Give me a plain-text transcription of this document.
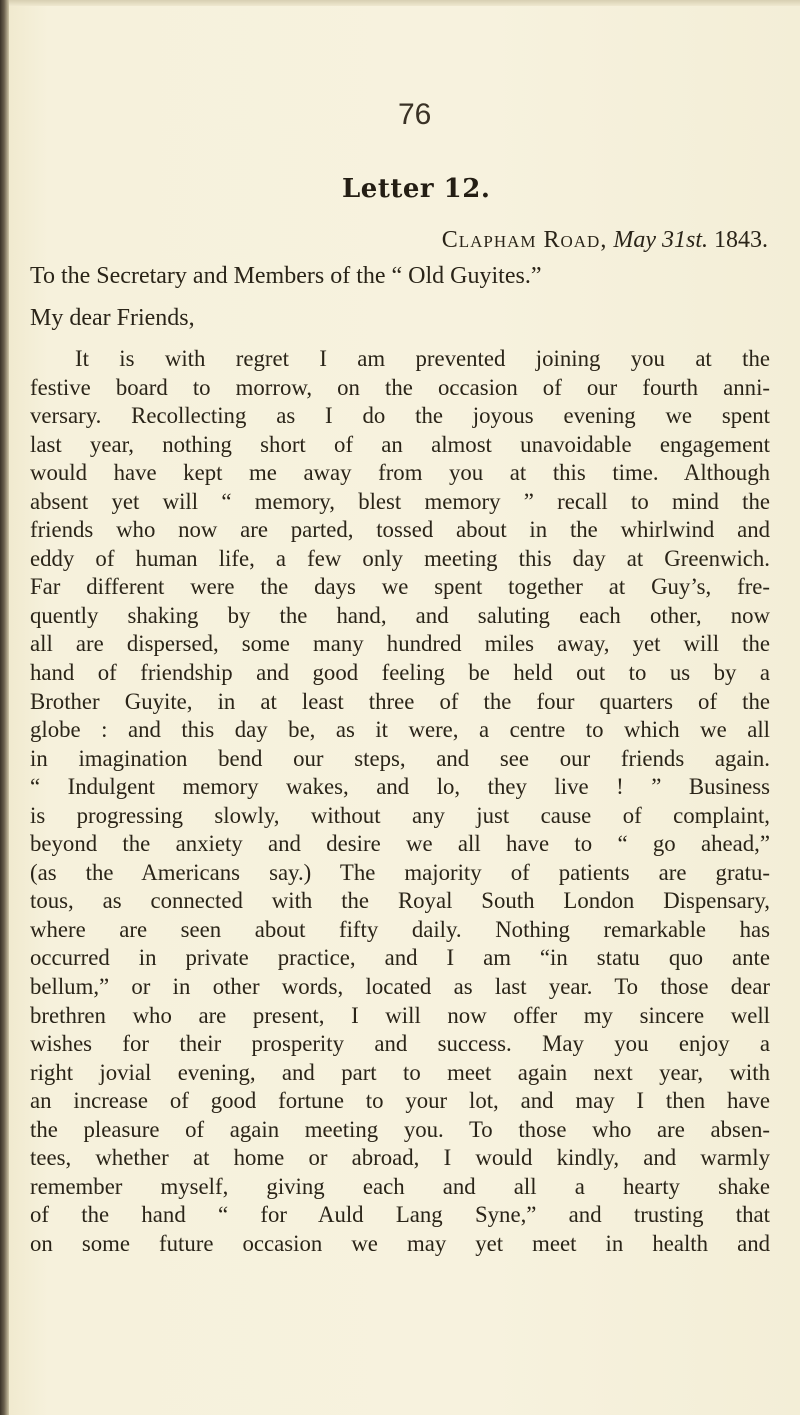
76
Letter 12.
Clapham Road, May 31st. 1843.
To the Secretary and Members of the “ Old Guyites.”
My dear Friends,
It is with regret I am prevented joining you at the
festive board to morrow, on the occasion of our fourth anni-
versary. Recollecting as I do the joyous evening we spent
last year, nothing short of an almost unavoidable engagement
would have kept me away from you at this time. Although
absent yet will “ memory, blest memory ” recall to mind the
friends who now are parted, tossed about in the whirlwind and
eddy of human life, a few only meeting this day at Greenwich.
Far different were the days we spent together at Guy’s, fre-
quently shaking by the hand, and saluting each other, now
all are dispersed, some many hundred miles away, yet will the
hand of friendship and good feeling be held out to us by a
Brother Guyite, in at least three of the four quarters of the
globe : and this day be, as it were, a centre to which we all
in imagination bend our steps, and see our friends again.
“ Indulgent memory wakes, and lo, they live ! ” Business
is progressing slowly, without any just cause of complaint,
beyond the anxiety and desire we all have to “ go ahead,”
(as the Americans say.) The majority of patients are gratu-
tous, as connected with the Royal South London Dispensary,
where are seen about fifty daily. Nothing remarkable has
occurred in private practice, and I am “in statu quo ante
bellum,” or in other words, located as last year. To those dear
brethren who are present, I will now offer my sincere well
wishes for their prosperity and success. May you enjoy a
right jovial evening, and part to meet again next year, with
an increase of good fortune to your lot, and may I then have
the pleasure of again meeting you. To those who are absen-
tees, whether at home or abroad, I would kindly, and warmly
remember myself, giving each and all a hearty shake
of the hand “ for Auld Lang Syne,” and trusting that
on some future occasion we may yet meet in health and
